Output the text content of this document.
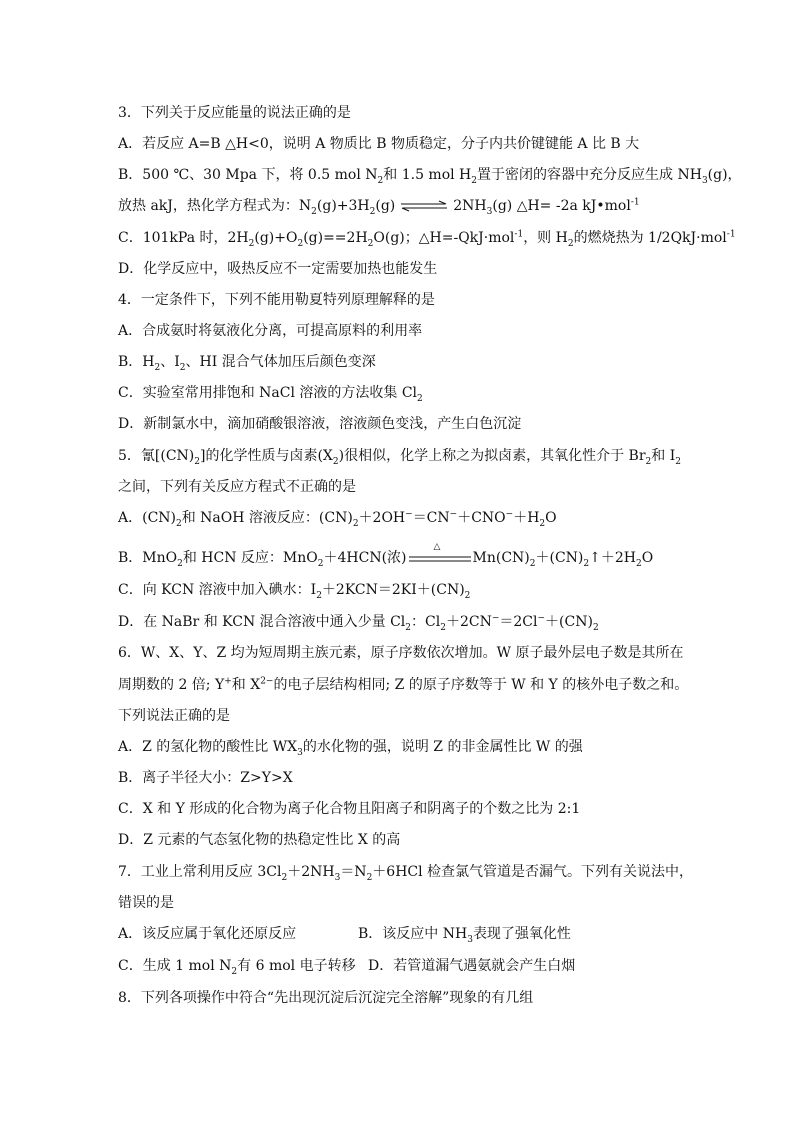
3．下列关于反应能量的说法正确的是
A．若反应 A=B △H<0，说明 A 物质比 B 物质稳定，分子内共价键键能 A 比 B 大
B．500 ℃、30 Mpa 下，将 0.5 mol $N_2$和 1.5 mol $H_2$置于密闭的容器中充分反应生成 $NH_3(g)$，
放热 akJ，热化学方程式为：$N_2(g)+3H_2(g)$ ⇌ $2NH_3(g)$ △H= -2a kJ•mol$^{-1}$
C．101kPa 时，$2H_2(g)+O_2(g)==2H_2O(g)$；△H=-QkJ·mol$^{-1}$，则 $H_2$的燃烧热为 1/2QkJ·mol$^{-1}$
D．化学反应中，吸热反应不一定需要加热也能发生
4．一定条件下，下列不能用勒夏特列原理解释的是
A．合成氨时将氨液化分离，可提高原料的利用率
B．$H_2$、$I_2$、HI 混合气体加压后颜色变深
C．实验室常用排饱和 NaCl 溶液的方法收集 $Cl_2$
D．新制氯水中，滴加硝酸银溶液，溶液颜色变浅，产生白色沉淀
5．氰$[(CN)_2]$的化学性质与卤素$(X_2)$很相似，化学上称之为拟卤素，其氧化性介于 $Br_2$和 $I_2$
之间，下列有关反应方程式不正确的是
A．$(CN)_2$和 NaOH 溶液反应：$(CN)_2+2OH^-=CN^-+CNO^-+H_2O$
B．MnO$_2$和 HCN 反应：MnO$_2$＋4HCN(浓)
△
$Mn(CN)_2+(CN)_2↑+2H_2O$
C．向 KCN 溶液中加入碘水：$I_2+2KCN=2KI+(CN)_2$
D．在 NaBr 和 KCN 混合溶液中通入少量 $Cl_2$：$Cl_2+2CN^-=2Cl^-+(CN)_2$
6．W、X、Y、Z 均为短周期主族元素，原子序数依次增加。W 原子最外层电子数是其所在
周期数的 2 倍; Y+和 $X^{2-}$的电子层结构相同; Z 的原子序数等于 W 和 Y 的核外电子数之和。
下列说法正确的是
A．Z 的氢化物的酸性比 $WX_3$的水化物的强，说明 Z 的非金属性比 W 的强
B．离子半径大小：Z>Y>X
C．X 和 Y 形成的化合物为离子化合物且阳离子和阴离子的个数之比为 2:1
D．Z 元素的气态氢化物的热稳定性比 X 的高
7．工业上常利用反应 $3Cl_2+2NH_3=N_2+6HCl$ 检查氯气管道是否漏气。下列有关说法中，
错误的是
A．该反应属于氧化还原反应	B．该反应中 $NH_3$表现了强氧化性
C．生成 1 mol $N_2$有 6 mol 电子转移 D．若管道漏气遇氨就会产生白烟
8．下列各项操作中符合“先出现沉淀后沉淀完全溶解”现象的有几组
